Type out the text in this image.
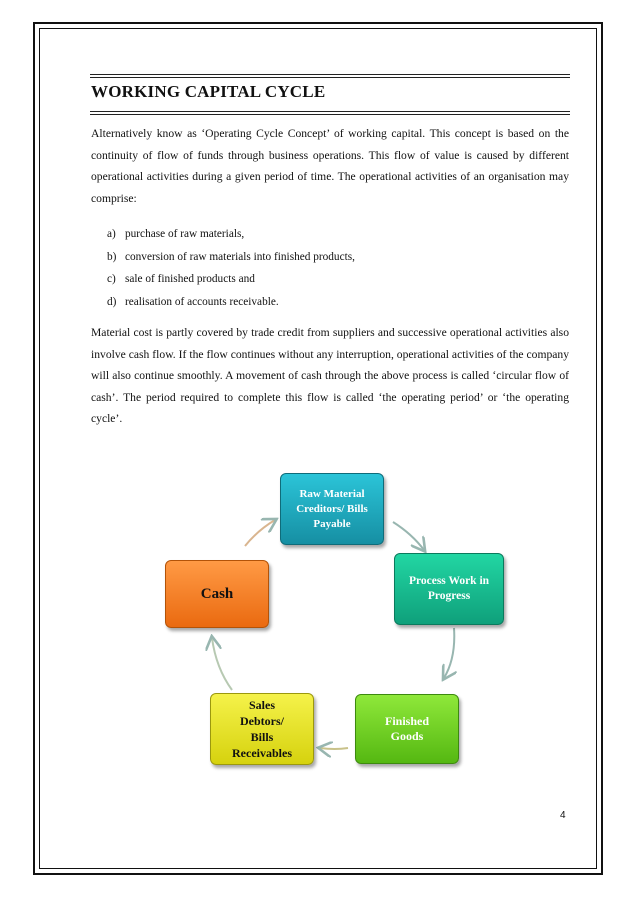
WORKING CAPITAL CYCLE
Alternatively know as ‘Operating Cycle Concept’ of working capital. This concept is based on the continuity of flow of funds through business operations. This flow of value is caused by different operational activities during a given period of time. The operational activities of an organisation may comprise:
a) purchase of raw materials,
b) conversion of raw materials into finished products,
c) sale of finished products and
d) realisation of accounts receivable.
Material cost is partly covered by trade credit from suppliers and successive operational activities also involve cash flow. If the flow continues without any interruption, operational activities of the company will also continue smoothly. A movement of cash through the above process is called ‘circular flow of cash’. The period required to complete this flow is called ‘the operating period’ or ‘the operating cycle’.
Raw Material
Creditors/ Bills
Payable
Process Work in
Progress
Finished
Goods
Sales
Debtors/
Bills
Receivables
Cash
4
